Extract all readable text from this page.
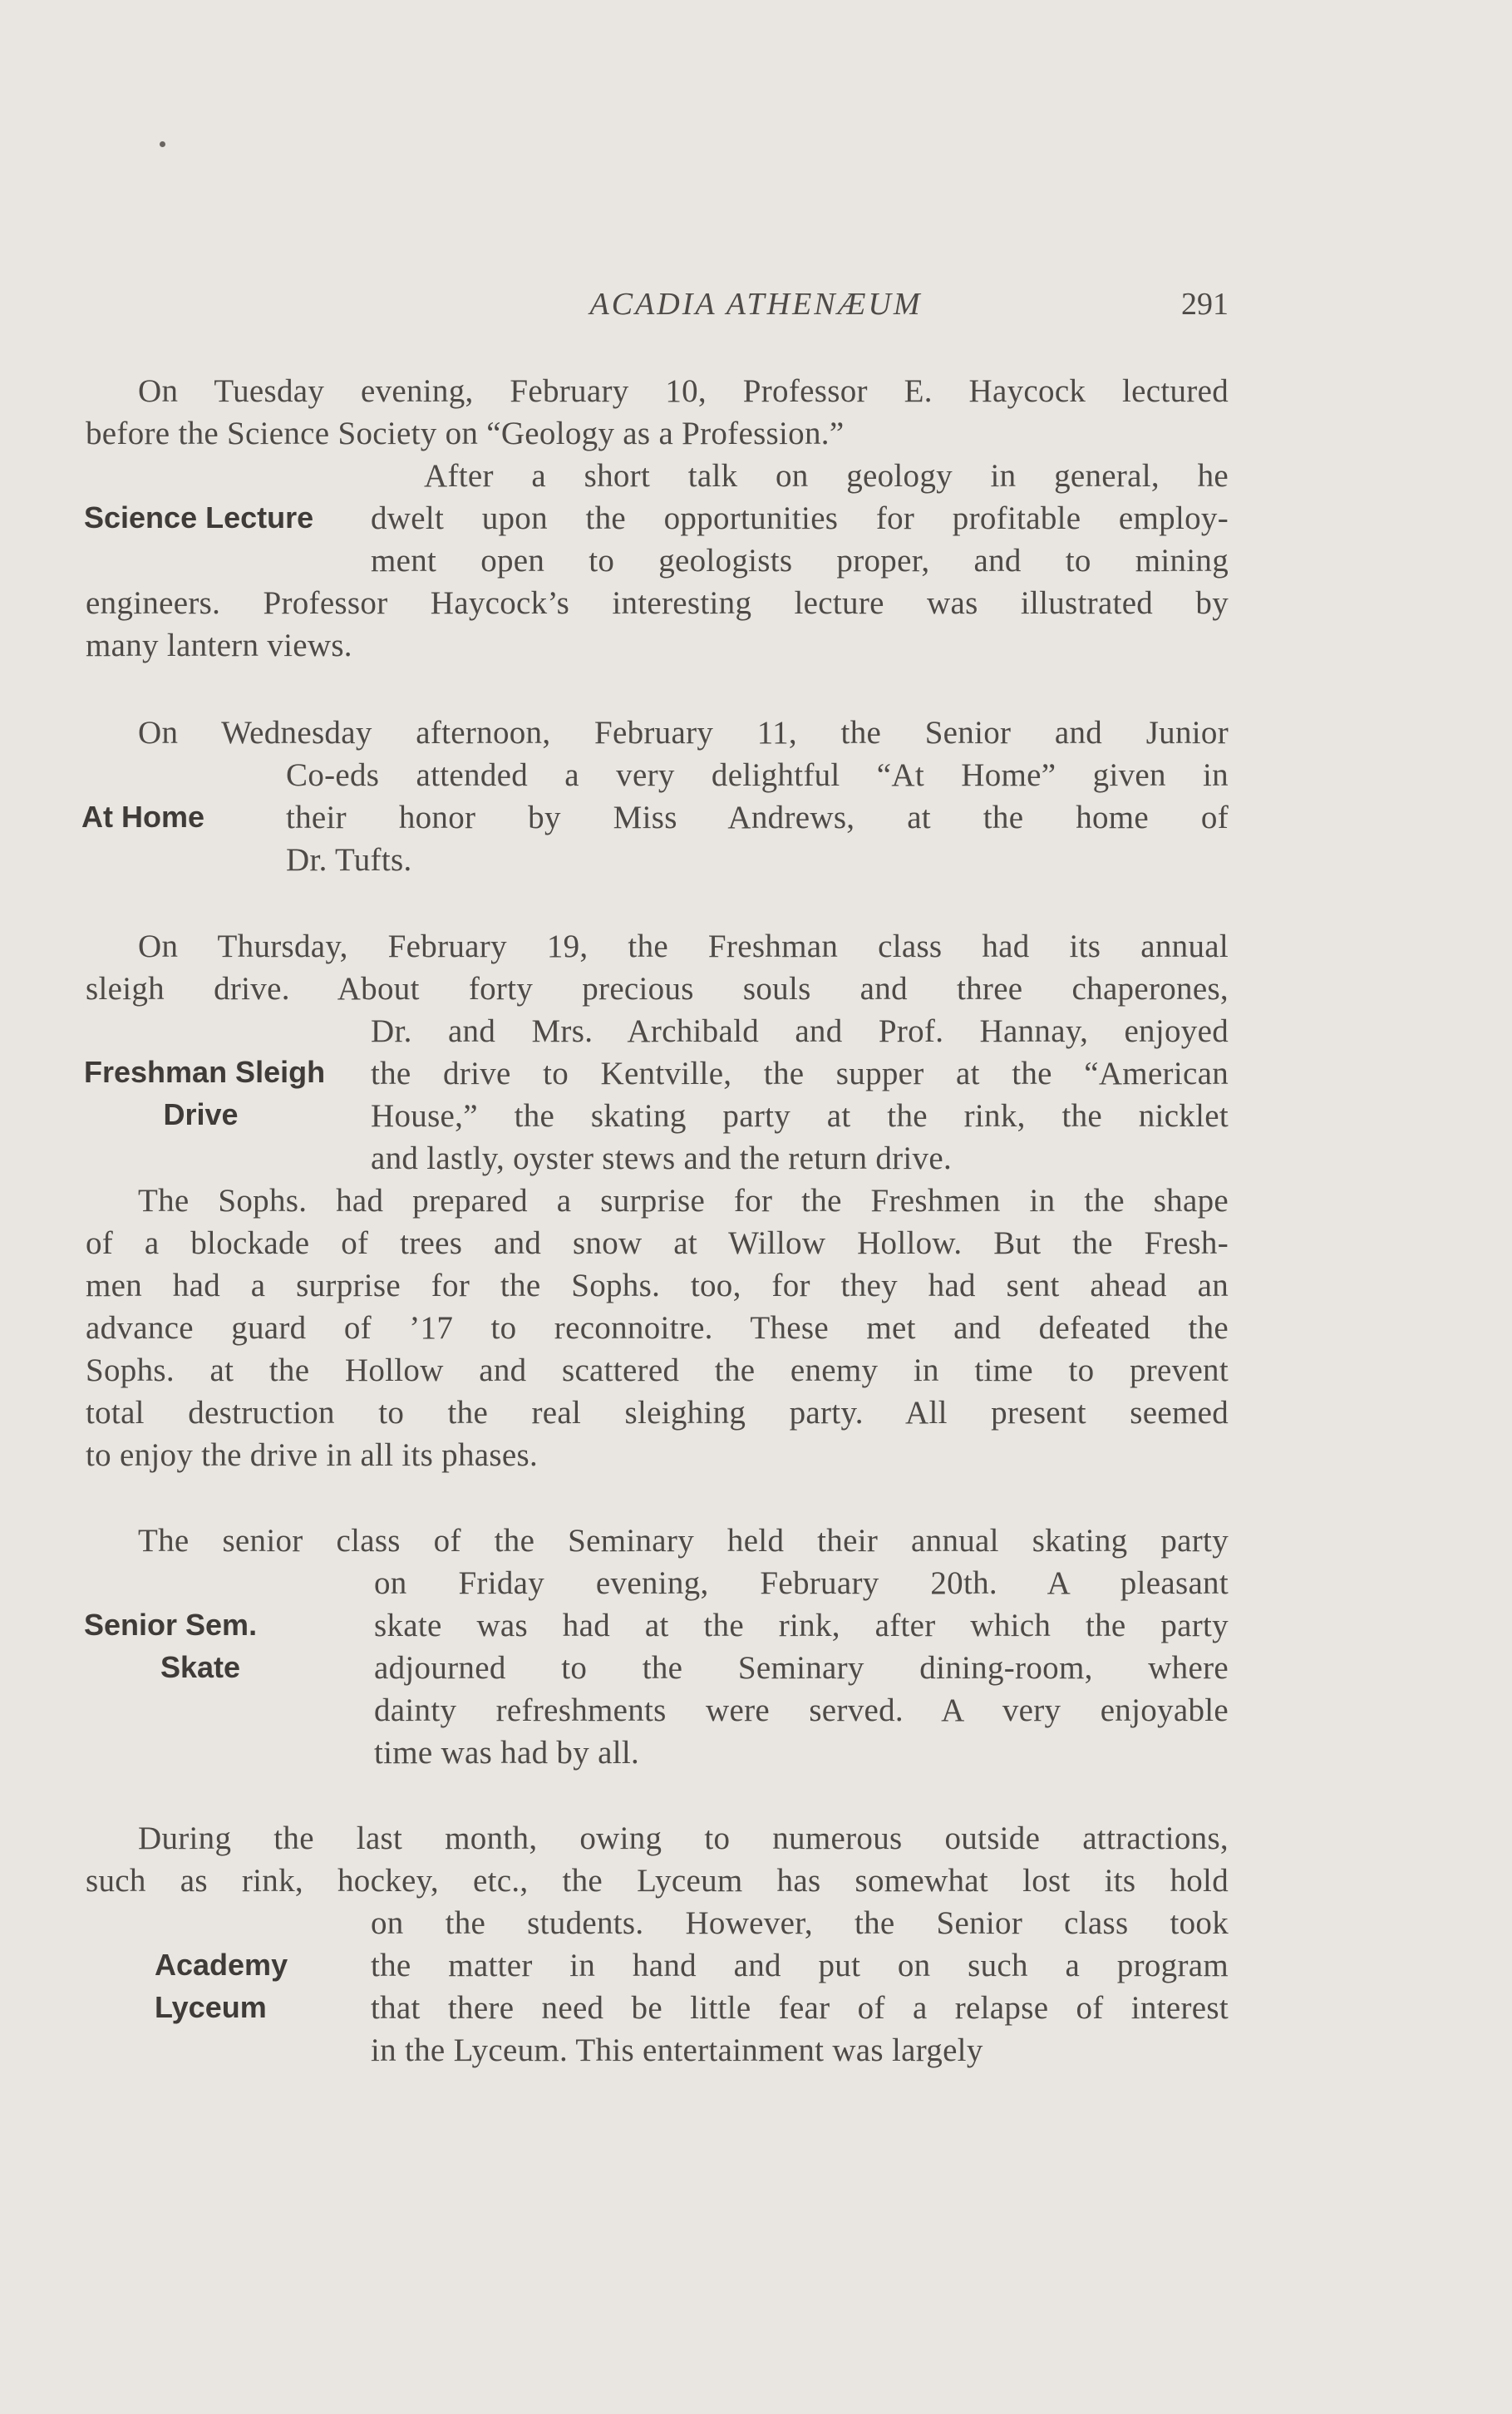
ACADIA ATHENÆUM	291
On Tuesday evening, February 10, Professor E. Haycock lectured
before the Science Society on “Geology as a Profession.”
After a short talk on geology in general, he
dwelt upon the opportunities for profitable employ-
ment open to geologists proper, and to mining
engineers. Professor Haycock’s interesting lecture was illustrated by
many lantern views.
Science Lecture
On Wednesday afternoon, February 11, the Senior and Junior
Co-eds attended a very delightful “At Home” given in
their honor by Miss Andrews, at the home of
Dr. Tufts.
At Home
On Thursday, February 19, the Freshman class had its annual
sleigh drive. About forty precious souls and three chaperones,
Dr. and Mrs. Archibald and Prof. Hannay, enjoyed
the drive to Kentville, the supper at the “American
House,” the skating party at the rink, the nicklet
and lastly, oyster stews and the return drive.
The Sophs. had prepared a surprise for the Freshmen in the shape
of a blockade of trees and snow at Willow Hollow. But the Fresh-
men had a surprise for the Sophs. too, for they had sent ahead an
advance guard of ’17 to reconnoitre. These met and defeated the
Sophs. at the Hollow and scattered the enemy in time to prevent
total destruction to the real sleighing party. All present seemed
to enjoy the drive in all its phases.
Freshman Sleigh
Drive
The senior class of the Seminary held their annual skating party
on Friday evening, February 20th. A pleasant
skate was had at the rink, after which the party
adjourned to the Seminary dining-room, where
dainty refreshments were served. A very enjoyable
time was had by all.
Senior Sem.
Skate
During the last month, owing to numerous outside attractions,
such as rink, hockey, etc., the Lyceum has somewhat lost its hold
on the students. However, the Senior class took
the matter in hand and put on such a program
that there need be little fear of a relapse of interest
in the Lyceum. This entertainment was largely
Academy
Lyceum
